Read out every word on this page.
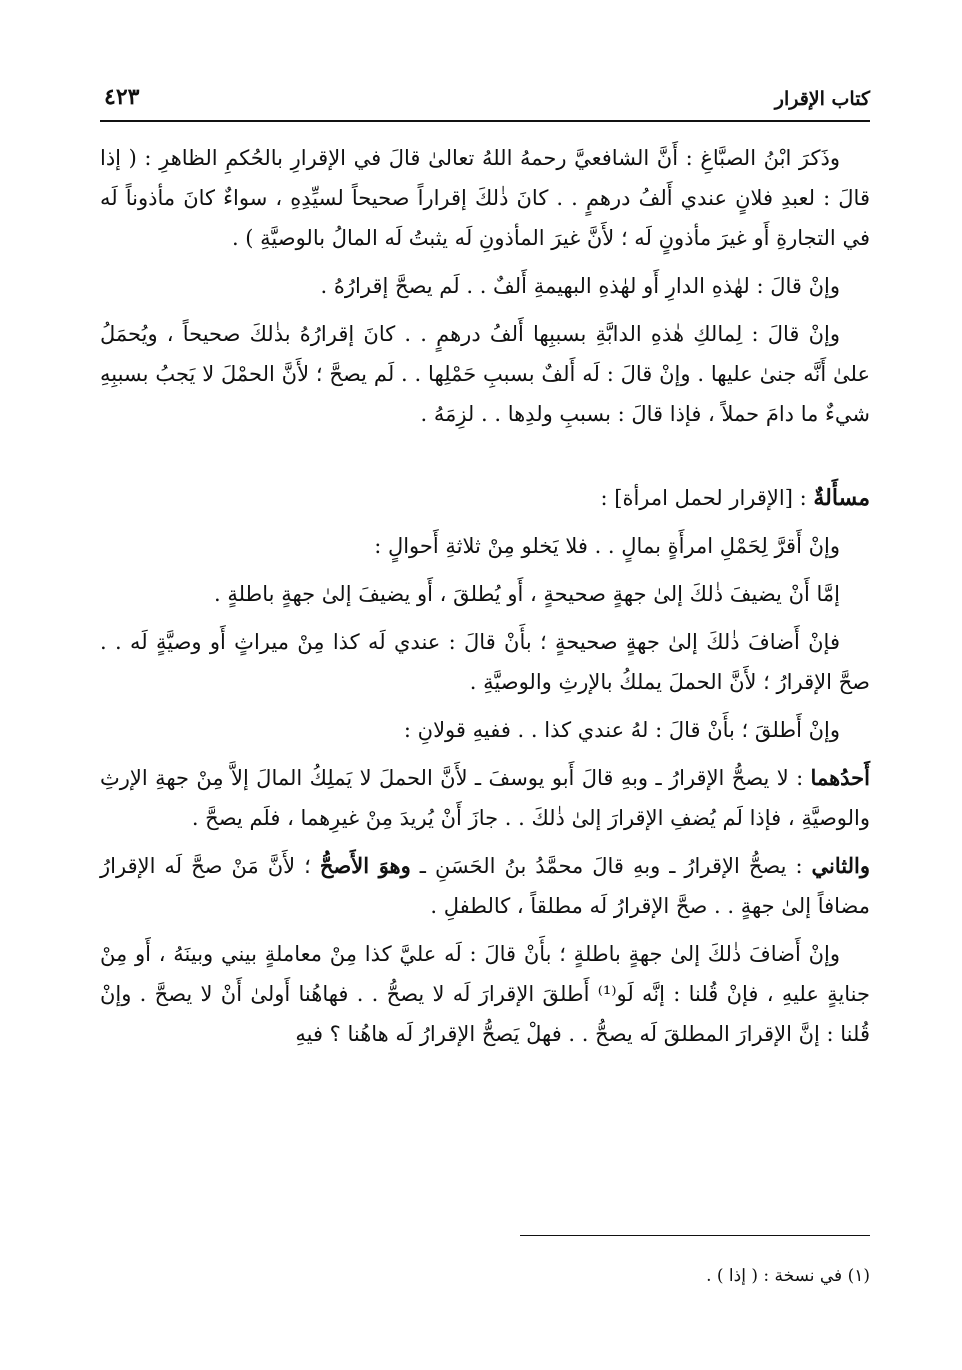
كتاب الإقرار
٤٢٣

وذَكرَ ابْنُ الصبَّاغِ : أَنَّ الشافعيَّ رحمهُ اللهُ تعالىٰ قالَ في الإقرارِ بالحُكمِ الظاهرِ : ( إذا قالَ : لعبدِ فلانٍ عندي أَلفُ درهمٍ . . كانَ ذٰلكَ إقراراً صحيحاً لسيِّدِهِ ، سواءٌ كانَ مأذوناً لَه في التجارةِ أَو غيرَ مأذونٍ لَه ؛ لأَنَّ غيرَ المأذونِ لَه يثبتُ لَه المالُ بالوصيَّةِ ) .

وإنْ قالَ : لهٰذهِ الدارِ أَو لهٰذهِ البهيمةِ أَلفٌ . . لَم يصحَّ إقرارُهُ .

وإنْ قالَ : لِمالكِ هٰذهِ الدابَّةِ بسببِها أَلفُ درهمٍ . . كانَ إقرارُهُ بذٰلكَ صحيحاً ، ويُحمَلُ علىٰ أَنَّه جنىٰ عليها . وإنْ قالَ : لَه أَلفٌ بسببِ حَمْلِها . . لَم يصحَّ ؛ لأَنَّ الحمْلَ لا يَجبُ بسببِهِ شيءٌ ما دامَ حملاً ، فإذا قالَ : بسببِ ولدِها . . لزِمَهُ .

مسأَلةٌ : [الإقرار لحمل امرأة] :

وإنْ أَقرَّ لِحَمْلِ امرأَةٍ بمالٍ . . فلا يَخلو مِنْ ثلاثةِ أَحوالٍ :

إمَّا أَنْ يضيفَ ذٰلكَ إلىٰ جهةٍ صحيحةٍ ، أَو يُطلقَ ، أَو يضيفَ إلىٰ جهةٍ باطلةٍ .

فإنْ أَضافَ ذٰلكَ إلىٰ جهةٍ صحيحةٍ ؛ بأَنْ قالَ : عندي لَه كذا مِنْ ميراثٍ أَو وصيَّةٍ لَه . . صحَّ الإقرارُ ؛ لأَنَّ الحملَ يملكُ بالإرثِ والوصيَّةِ .

وإنْ أَطلقَ ؛ بأَنْ قالَ : لهُ عندي كذا . . ففيهِ قولانِ :

أَحدُهما : لا يصحُّ الإقرارُ ـ وبهِ قالَ أَبو يوسفَ ـ لأَنَّ الحملَ لا يَملِكُ المالَ إلاَّ مِنْ جهةِ الإرثِ والوصيَّةِ ، فإذا لَم يُضفِ الإقرارَ إلىٰ ذٰلكَ . . جازَ أَنْ يُريدَ مِنْ غيرِهما ، فلَم يصحَّ .

والثاني : يصحُّ الإقرارُ ـ وبهِ قالَ محمَّدُ بنُ الحَسَنِ ـ وهوَ الأَصحُّ ؛ لأَنَّ مَنْ صحَّ لَه الإقرارُ مضافاً إلىٰ جهةٍ . . صحَّ الإقرارُ لَه مطلقاً ، كالطفلِ .

وإنْ أَضافَ ذٰلكَ إلىٰ جهةٍ باطلةٍ ؛ بأَنْ قالَ : لَه عليَّ كذا مِنْ معاملةٍ بيني وبينَهُ ، أَو مِنْ جنايةٍ عليهِ ، فإنْ قُلنا : إنَّه لَو⁽¹⁾ أَطلقَ الإقرارَ لَه لا يصحُّ . . فهاهُنا أَولىٰ أَنْ لا يصحَّ . وإنْ قُلنا : إنَّ الإقرارَ المطلقَ لَه يصحُّ . . فهلْ يَصحُّ الإقرارُ لَه هاهُنا ؟ فيهِ

(١) في نسخة : ( إذا ) .
